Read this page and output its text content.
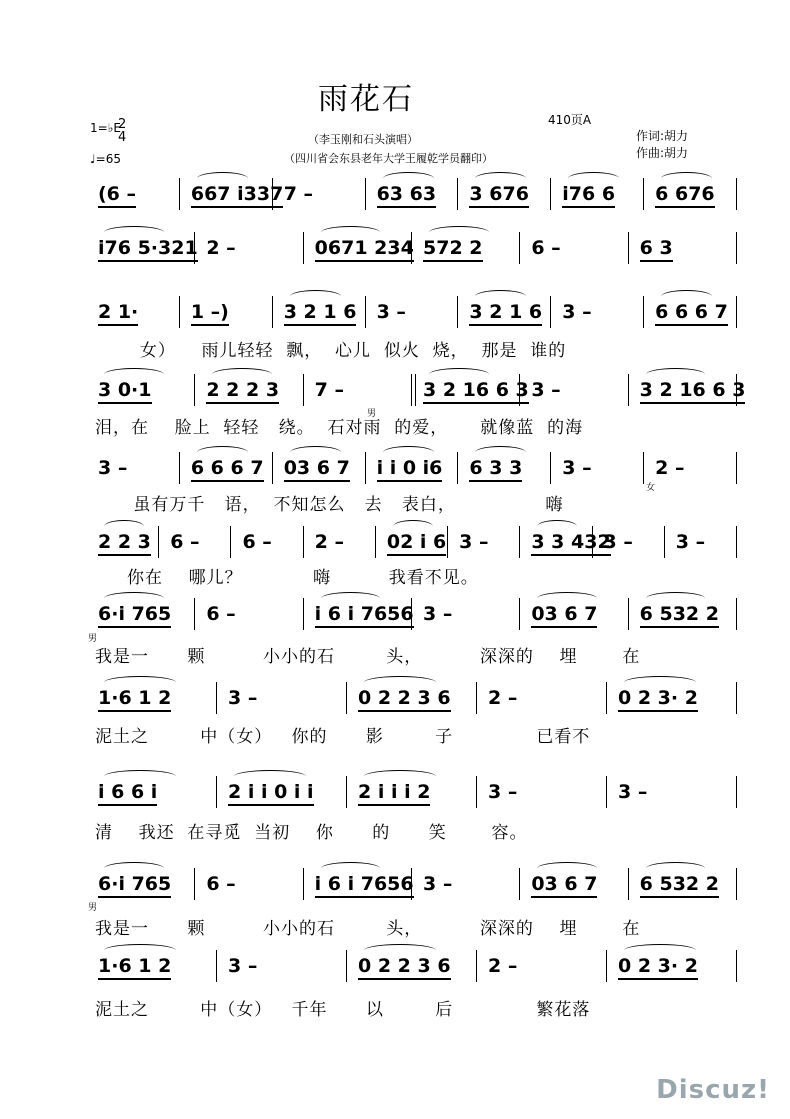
雨花石
410页A
（李玉刚和石头演唱）
（四川省会东县老年大学王履乾学员翻印）
作词:胡力
作曲:胡力
1=♭E
2
4
♩=65
(6 –	667 i337 7 –	63 63 3 676 i76 6 6 676
i76 5·321 2 –	0671 234 572 2	6 –	6 3
2 1·	1 –)	3 2 1 6 3 –	3 2 1 6 3 –	6 6 6 7
3 0·1	2 2 2 3 7 –	3 2 16 6 3 3 –	3 2 16 6 3
3 –	6 6 6 7 03 6 7 i i 0 i6 6 3 3 3 –	2 –
2 2 3 6 – 6 – 2 – 02 i 6 3 – 3 3 432
3 – 3 –
6·i 765 6 –	i 6 i 7656 3 –	03 6 7 6 532 2
1·6 1 2	3 –	0 2 2 3 6 2 –	0 2 3· 2
i 6 6 i	2 i i 0 i i 2 i i i 2	3 –	3 –
6·i 765 6 –	i 6 i 7656 3 –	03 6 7 6 532 2
1·6 1 2	3 –	0 2 2 3 6 2 –	0 2 3· 2
女）    雨儿轻轻  飘，  心儿  似火  烧，  那是  谁的
泪，在    脸上  轻轻   绕。  石对雨  的爱，     就像蓝  的海
虽有万千   语，  不知怎么   去   表白，              嗨
你在    哪儿？           嗨         我看不见。
我是一      颗         小小的石        头，         深深的    埋       在
泥土之        中（女）   你的      影        子             已看不
清    我还  在寻觅  当初    你      的      笑       容。
我是一      颗         小小的石        头，         深深的    埋       在
泥土之        中（女）   千年      以        后             繁花落
男
女
男
男
Discuz!
